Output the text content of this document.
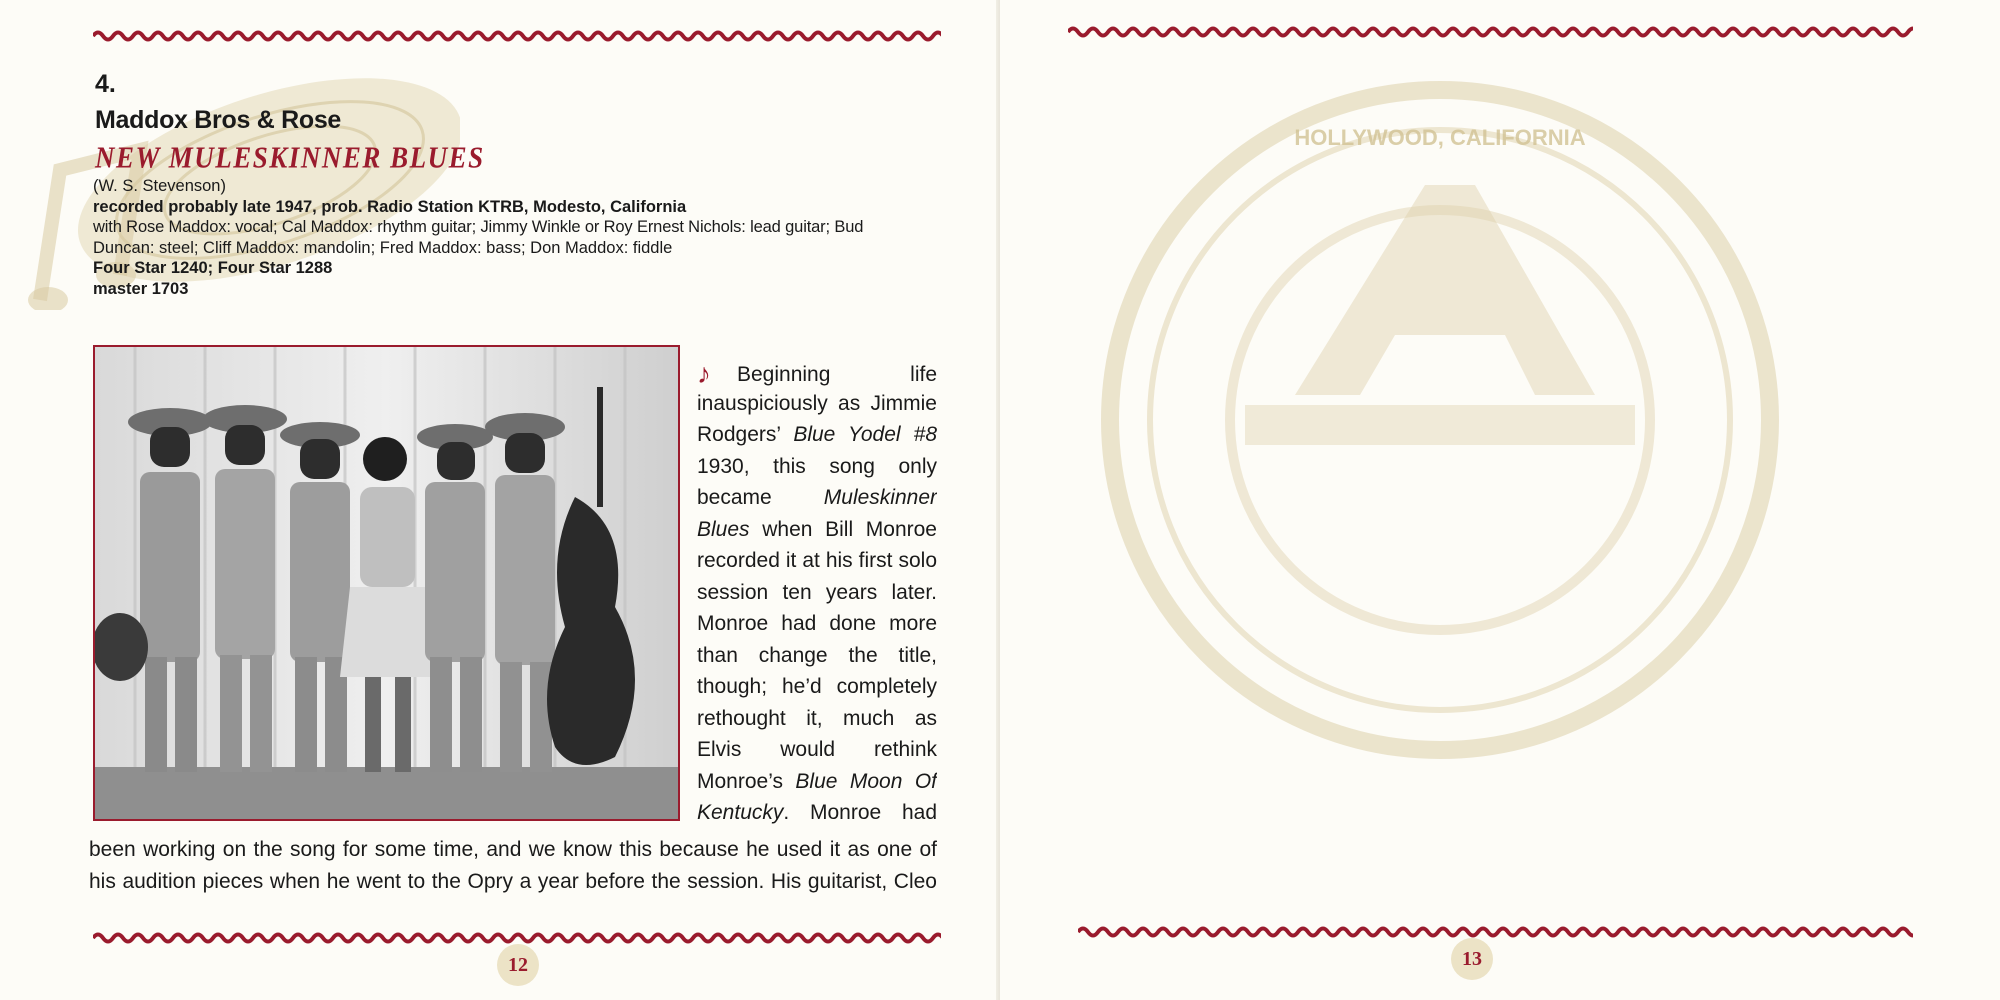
4.
Maddox Bros & Rose
NEW MULESKINNER BLUES
(W. S. Stevenson)
recorded probably late 1947, prob. Radio Station KTRB, Modesto, California
with Rose Maddox: vocal; Cal Maddox: rhythm guitar; Jimmy Winkle or Roy Ernest Nichols: lead guitar; Bud
Duncan: steel; Cliff Maddox: mandolin; Fred Maddox: bass; Don Maddox: fiddle
Four Star 1240; Four Star 1288
master 1703
♪ Beginning life
inauspiciously as Jimmie
Rodgers’ Blue Yodel #8
1930, this song only
became Muleskinner
Blues when Bill Monroe
recorded it at his first solo
session ten years later.
Monroe had done more
than change the title,
though; he’d completely
rethought it, much as
Elvis would rethink
Monroe’s Blue Moon Of
Kentucky. Monroe had
been working on the song for some time, and we know this because he used it as one of
his audition pieces when he went to the Opry a year before the session. His guitarist, Cleo
12
HOLLYWOOD, CALIFORNIA
13
